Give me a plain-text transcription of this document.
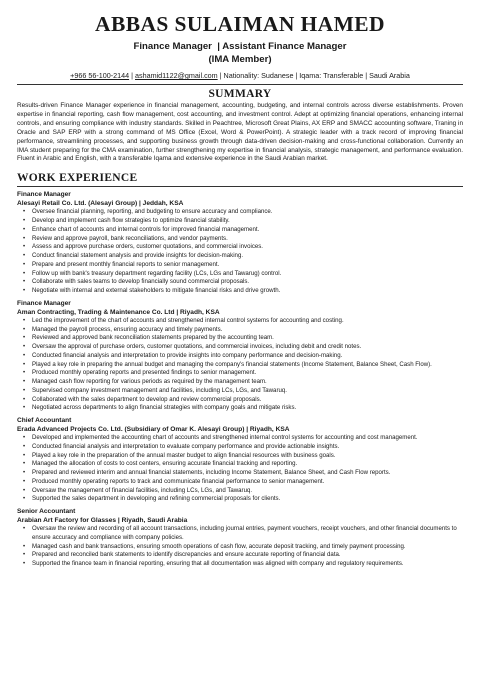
ABBAS SULAIMAN HAMED
Finance Manager  | Assistant Finance Manager
(IMA Member)
+966 56-100-2144 | ashamid1122@gmail.com | Nationality: Sudanese | Iqama: Transferable | Saudi Arabia
SUMMARY
Results-driven Finance Manager experience in financial management, accounting, budgeting, and internal controls across diverse establishments. Proven expertise in financial reporting, cash flow management, cost accounting, and investment control. Adept at optimizing financial operations, enhancing internal controls, and ensuring compliance with industry standards. Skilled in Peachtree, Microsoft Great Plains, AX ERP and SMACC accounting software, Traning in Oracle and SAP ERP with a strong command of MS Office (Excel, Word & PowerPoint). A strategic leader with a track record of improving financial performance, streamlining processes, and supporting business growth through data-driven decision-making and cross-functional collaboration. Currently an IMA student preparing for the CMA examination, further strengthening my expertise in financial analysis, strategic management, and performance evaluation. Fluent in Arabic and English, with a transferable Iqama and extensive experience in the Saudi Arabian market.
WORK EXPERIENCE
Finance Manager
Alesayi Retail Co. Ltd. (Alesayi Group) | Jeddah, KSA
• Oversee financial planning, reporting, and budgeting to ensure accuracy and compliance.
• Develop and implement cash flow strategies to optimize financial stability.
• Enhance chart of accounts and internal controls for improved financial management.
• Review and approve payroll, bank reconciliations, and vendor payments.
• Assess and approve purchase orders, customer quotations, and commercial invoices.
• Conduct financial statement analysis and provide insights for decision-making.
• Prepare and present monthly financial reports to senior management.
• Follow up with bank's treasury department regarding facility (LCs, LGs and Tawarug) control.
• Collaborate with sales teams to develop financially sound commercial proposals.
• Negotiate with internal and external stakeholders to mitigate financial risks and drive growth.
Finance Manager
Aman Contracting, Trading & Maintenance Co. Ltd | Riyadh, KSA
• Led the improvement of the chart of accounts and strengthened internal control systems for accounting and costing.
• Managed the payroll process, ensuring accuracy and timely payments.
• Reviewed and approved bank reconciliation statements prepared by the accounting team.
• Oversaw the approval of purchase orders, customer quotations, and commercial invoices, including debit and credit notes.
• Conducted financial analysis and interpretation to provide insights into company performance and decision-making.
• Played a key role in preparing the annual budget and managing the company's financial statements (Income Statement, Balance Sheet, Cash Flow).
• Produced monthly operating reports and presented findings to senior management.
• Managed cash flow reporting for various periods as required by the management team.
• Supervised company investment management and facilities, including LCs, LGs, and Tawaruq.
• Collaborated with the sales department to develop and review commercial proposals.
• Negotiated across departments to align financial strategies with company goals and mitigate risks.
Chief Accountant
Erada Advanced Projects Co. Ltd. (Subsidiary of Omar K. Alesayi Group) | Riyadh, KSA
• Developed and implemented the accounting chart of accounts and strengthened internal control systems for accounting and cost management.
• Conducted financial analysis and interpretation to evaluate company performance and provide actionable insights.
• Played a key role in the preparation of the annual master budget to align financial resources with business goals.
• Managed the allocation of costs to cost centers, ensuring accurate financial tracking and reporting.
• Prepared and reviewed interim and annual financial statements, including Income Statement, Balance Sheet, and Cash Flow reports.
• Produced monthly operating reports to track and communicate financial performance to senior management.
• Oversaw the management of financial facilities, including LCs, LGs, and Tawaruq.
• Supported the sales department in developing and refining commercial proposals for clients.
Senior Accountant
Arabian Art Factory for Glasses | Riyadh, Saudi Arabia
• Oversaw the review and recording of all account transactions, including journal entries, payment vouchers, receipt vouchers, and other financial documents to ensure accuracy and compliance with company policies.
• Managed cash and bank transactions, ensuring smooth operations of cash flow, accurate deposit tracking, and timely payment processing.
• Prepared and reconciled bank statements to identify discrepancies and ensure accurate reporting of financial data.
• Supported the finance team in financial reporting, ensuring that all documentation was aligned with company and regulatory requirements.
